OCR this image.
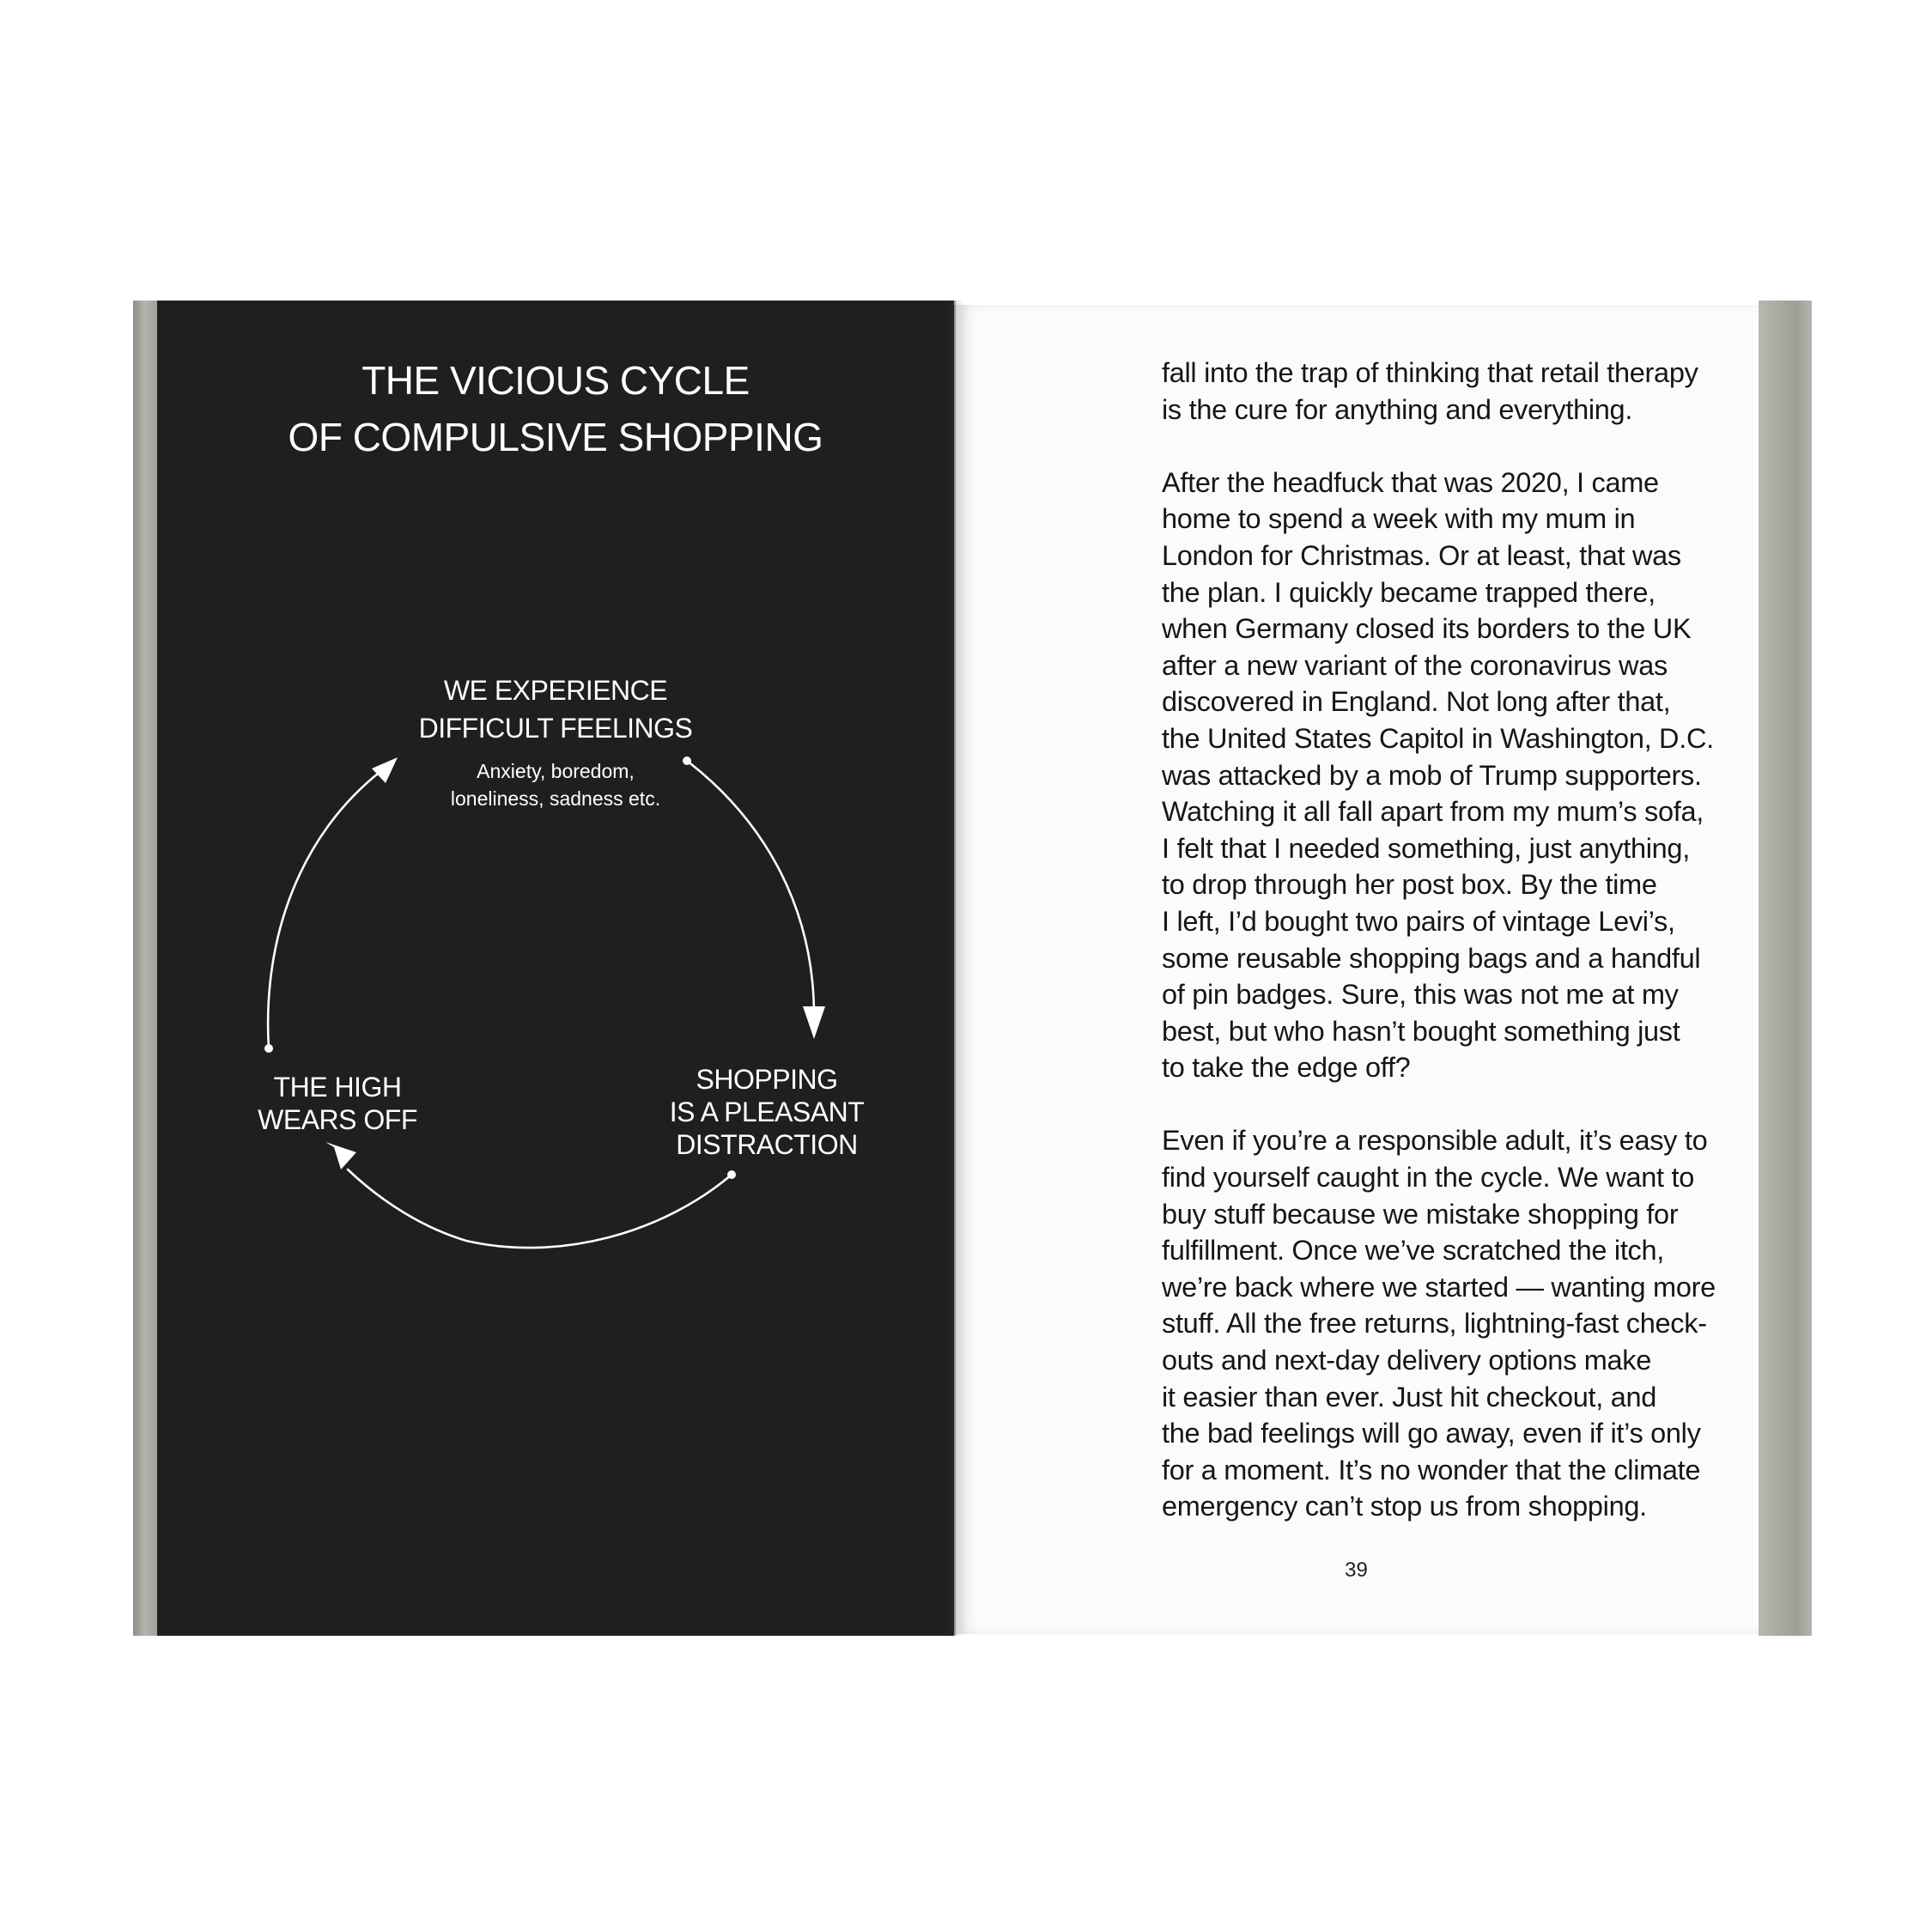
THE VICIOUS CYCLE
OF COMPULSIVE SHOPPING
WE EXPERIENCE
DIFFICULT FEELINGS
Anxiety, boredom,
loneliness, sadness etc.
SHOPPING
IS A PLEASANT
DISTRACTION
THE HIGH
WEARS OFF
fall into the trap of thinking that retail therapy
is the cure for anything and everything.
After the headfuck that was 2020, I came
home to spend a week with my mum in
London for Christmas. Or at least, that was
the plan. I quickly became trapped there,
when Germany closed its borders to the UK
after a new variant of the coronavirus was
discovered in England. Not long after that,
the United States Capitol in Washington, D.C.
was attacked by a mob of Trump supporters.
Watching it all fall apart from my mum’s sofa,
I felt that I needed something, just anything,
to drop through her post box. By the time
I left, I’d bought two pairs of vintage Levi’s,
some reusable shopping bags and a handful
of pin badges. Sure, this was not me at my
best, but who hasn’t bought something just
to take the edge off?
Even if you’re a responsible adult, it’s easy to
find yourself caught in the cycle. We want to
buy stuff because we mistake shopping for
fulfillment. Once we’ve scratched the itch,
we’re back where we started — wanting more
stuff. All the free returns, lightning-fast check-
outs and next-day delivery options make
it easier than ever. Just hit checkout, and
the bad feelings will go away, even if it’s only
for a moment. It’s no wonder that the climate
emergency can’t stop us from shopping.
39
